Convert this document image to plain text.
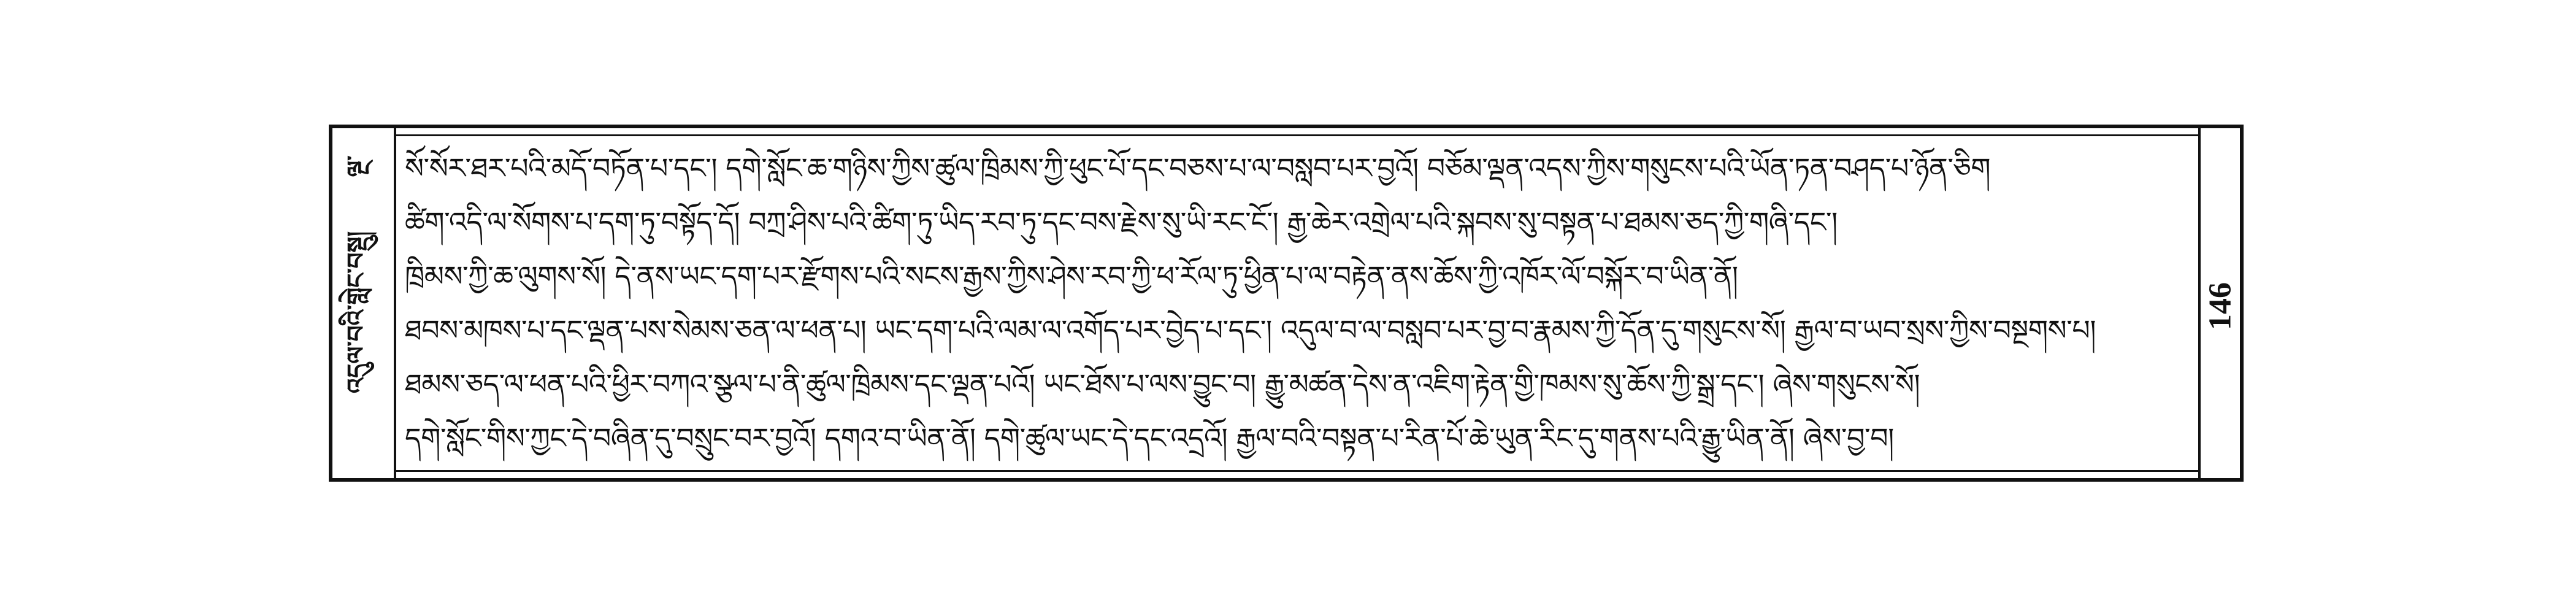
ལྔ་
འདུལ་བའི་གླེང་བསྡུ།	146
སོ་སོར་ཐར་པའི་མདོ་བཏོན་པ་དང་། དགེ་སློང་ཆ་གཉིས་ཀྱིས་ཚུལ་ཁྲིམས་ཀྱི་ཕུང་པོ་དང་བཅས་པ་ལ་བསླབ་པར་བྱའོ། བཅོམ་ལྡན་འདས་ཀྱིས་གསུངས་པའི་ཡོན་ཏན་བཤད་པ་ཉོན་ཅིག
ཚིག་འདི་ལ་སོགས་པ་དག་ཏུ་བསྟོད་དོ། བཀྲ་ཤིས་པའི་ཚིག་ཏུ་ཡིད་རབ་ཏུ་དང་བས་རྗེས་སུ་ཡི་རང་ངོ་། རྒྱ་ཆེར་འགྲེལ་པའི་སྐབས་སུ་བསྟན་པ་ཐམས་ཅད་ཀྱི་གཞི་དང་།
ཁྲིམས་ཀྱི་ཆ་ལུགས་སོ། དེ་ནས་ཡང་དག་པར་རྫོགས་པའི་སངས་རྒྱས་ཀྱིས་ཤེས་རབ་ཀྱི་ཕ་རོལ་ཏུ་ཕྱིན་པ་ལ་བརྟེན་ནས་ཆོས་ཀྱི་འཁོར་ལོ་བསྐོར་བ་ཡིན་ནོ།
ཐབས་མཁས་པ་དང་ལྡན་པས་སེམས་ཅན་ལ་ཕན་པ། ཡང་དག་པའི་ལམ་ལ་འགོད་པར་བྱེད་པ་དང་། འདུལ་བ་ལ་བསླབ་པར་བྱ་བ་རྣམས་ཀྱི་དོན་དུ་གསུངས་སོ། རྒྱལ་བ་ཡབ་སྲས་ཀྱིས་བསྔགས་པ།
ཐམས་ཅད་ལ་ཕན་པའི་ཕྱིར་བཀའ་སྩལ་པ་ནི་ཚུལ་ཁྲིམས་དང་ལྡན་པའོ། ཡང་ཐོས་པ་ལས་བྱུང་བ། རྒྱུ་མཚན་དེས་ན་འཇིག་རྟེན་གྱི་ཁམས་སུ་ཆོས་ཀྱི་སྒྲ་དང་། ཞེས་གསུངས་སོ།
དགེ་སློང་གིས་ཀྱང་དེ་བཞིན་དུ་བསྲུང་བར་བྱའོ། དགའ་བ་ཡིན་ནོ། དགེ་ཚུལ་ཡང་དེ་དང་འདྲའོ། རྒྱལ་བའི་བསྟན་པ་རིན་པོ་ཆེ་ཡུན་རིང་དུ་གནས་པའི་རྒྱུ་ཡིན་ནོ། ཞེས་བྱ་བ།
